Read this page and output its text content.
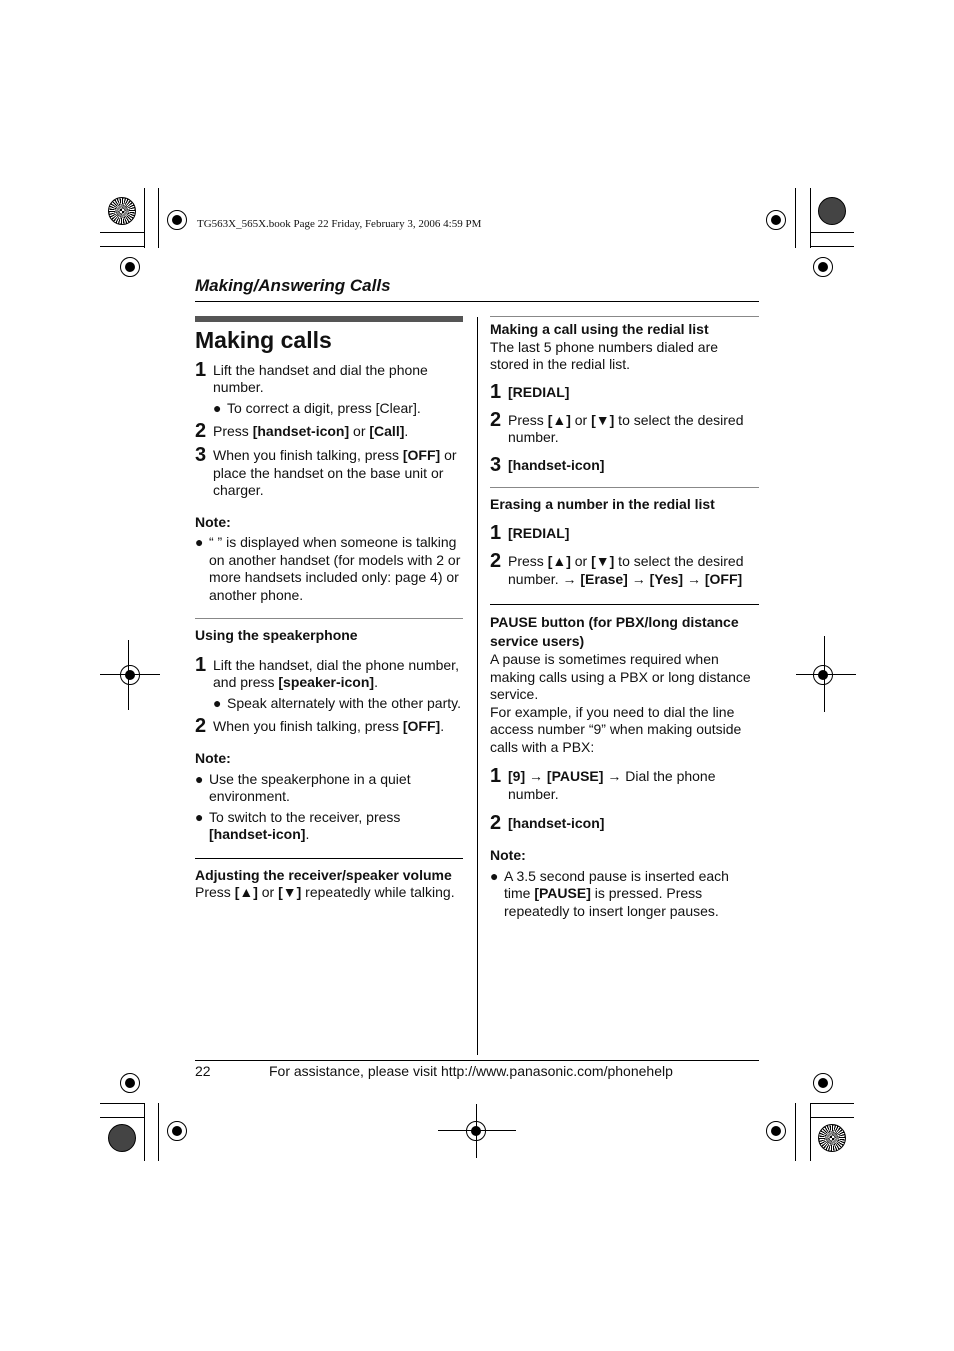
TG563X_565X.book Page 22 Friday, February 3, 2006 4:59 PM
Making/Answering Calls
Making calls
1 Lift the handset and dial the phone number.
● To correct a digit, press [Clear].
2 Press [handset-icon] or [Call].
3 When you finish talking, press [OFF] or place the handset on the base unit or charger.
Note:
● “ ” is displayed when someone is talking on another handset (for models with 2 or more handsets included only: page 4) or another phone.
Using the speakerphone
1 Lift the handset, dial the phone number, and press [speaker-icon].
● Speak alternately with the other party.
2 When you finish talking, press [OFF].
Note:
● Use the speakerphone in a quiet environment.
● To switch to the receiver, press [handset-icon].
Adjusting the receiver/speaker volume
Press [▲] or [▼] repeatedly while talking.
Making a call using the redial list
The last 5 phone numbers dialed are stored in the redial list.
1 [REDIAL]
2 Press [▲] or [▼] to select the desired number.
3 [handset-icon]
Erasing a number in the redial list
1 [REDIAL]
2 Press [▲] or [▼] to select the desired number. → [Erase] → [Yes] → [OFF]
PAUSE button (for PBX/long distance service users)
A pause is sometimes required when making calls using a PBX or long distance service.
For example, if you need to dial the line access number “9” when making outside calls with a PBX:
1 [9] → [PAUSE] → Dial the phone number.
2 [handset-icon]
Note:
● A 3.5 second pause is inserted each time [PAUSE] is pressed. Press repeatedly to insert longer pauses.
22	For assistance, please visit http://www.panasonic.com/phonehelp
